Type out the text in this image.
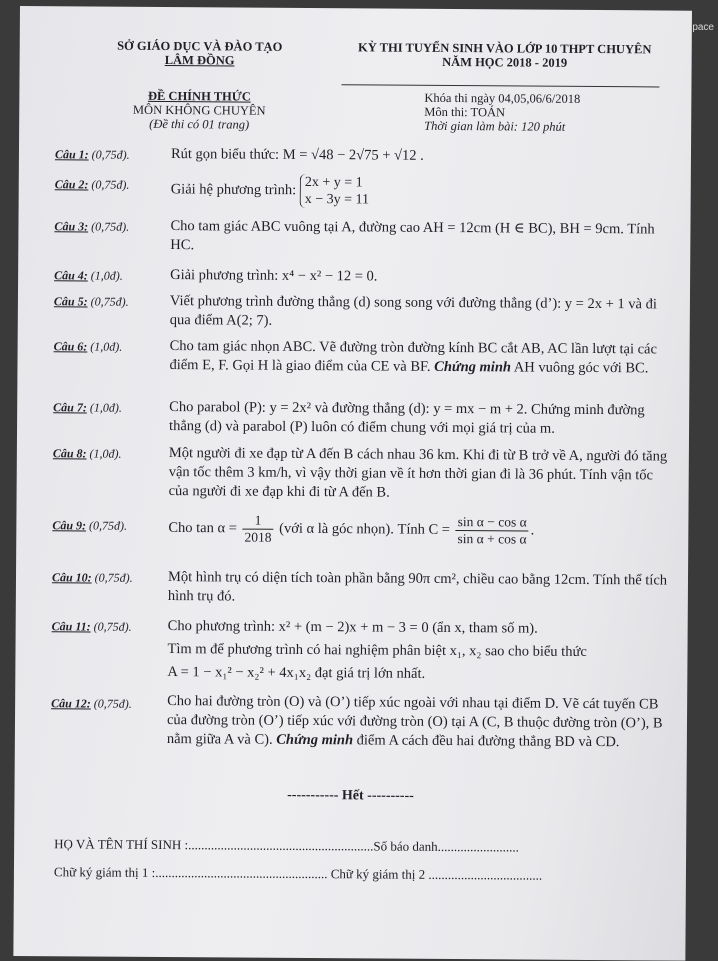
pace
SỞ GIÁO DỤC VÀ ĐÀO TẠO
LÂM ĐỒNG
KỲ THI TUYỂN SINH VÀO LỚP 10 THPT CHUYÊN
NĂM HỌC 2018 - 2019
ĐỀ CHÍNH THỨC
MÔN KHÔNG CHUYÊN
(Đề thi có 01 trang)
Khóa thi ngày 04,05,06/6/2018
Môn thi: TOÁN
Thời gian làm bài: 120 phút
Câu 1: (0,75đ).	Rút gọn biểu thức: M = √48 − 2√75 + √12 .
Câu 2: (0,75đ).	Giải hệ phương trình: 2x + y = 1
x − 3y = 11
Câu 3: (0,75đ).	Cho tam giác ABC vuông tại A, đường cao AH = 12cm (H ∈ BC), BH = 9cm. Tính HC.
Câu 4: (1,0đ).	Giải phương trình: x⁴ − x² − 12 = 0.
Câu 5: (0,75đ).	Viết phương trình đường thẳng (d) song song với đường thẳng (d’): y = 2x + 1 và đi qua điểm A(2; 7).
Câu 6: (1,0đ).	Cho tam giác nhọn ABC. Vẽ đường tròn đường kính BC cắt AB, AC lần lượt tại các điểm E, F. Gọi H là giao điểm của CE và BF. Chứng minh AH vuông góc với BC.
Câu 7: (1,0đ).	Cho parabol (P): y = 2x² và đường thẳng (d): y = mx − m + 2. Chứng minh đường thẳng (d) và parabol (P) luôn có điểm chung với mọi giá trị của m.
Câu 8: (1,0đ).	Một người đi xe đạp từ A đến B cách nhau 36 km. Khi đi từ B trở về A, người đó tăng vận tốc thêm 3 km/h, vì vậy thời gian về ít hơn thời gian đi là 36 phút. Tính vận tốc của người đi xe đạp khi đi từ A đến B.
Câu 9: (0,75đ).	Cho $\tan \alpha = \frac{1}{2018}$ (với α là góc nhọn). Tính $C = \frac{\text{sin α − cos α}}{\text{sin α + cos α}}$ .
Câu 10: (0,75đ). Một hình trụ có diện tích toàn phần bằng 90π cm², chiều cao bằng 12cm. Tính thể tích hình trụ đó.
Câu 11: (0,75đ). Cho phương trình: x² + (m − 2)x + m − 3 = 0 (ẩn x, tham số m).
Tìm m để phương trình có hai nghiệm phân biệt x₁, x₂ sao cho biểu thức
A = 1 − x₁² − x₂² + 4x₁x₂ đạt giá trị lớn nhất.
Câu 12: (0,75đ). Cho hai đường tròn (O) và (O’) tiếp xúc ngoài với nhau tại điểm D. Vẽ cát tuyến CB của đường tròn (O’) tiếp xúc với đường tròn (O) tại A (C, B thuộc đường tròn (O’), B nằm giữa A và C). Chứng minh điểm A cách đều hai đường thẳng BD và CD.
----------- Hết ----------
HỌ VÀ TÊN THÍ SINH :.........................................................Số báo danh.........................
Chữ ký giám thị 1 :..................................................... Chữ ký giám thị 2 ...................................
